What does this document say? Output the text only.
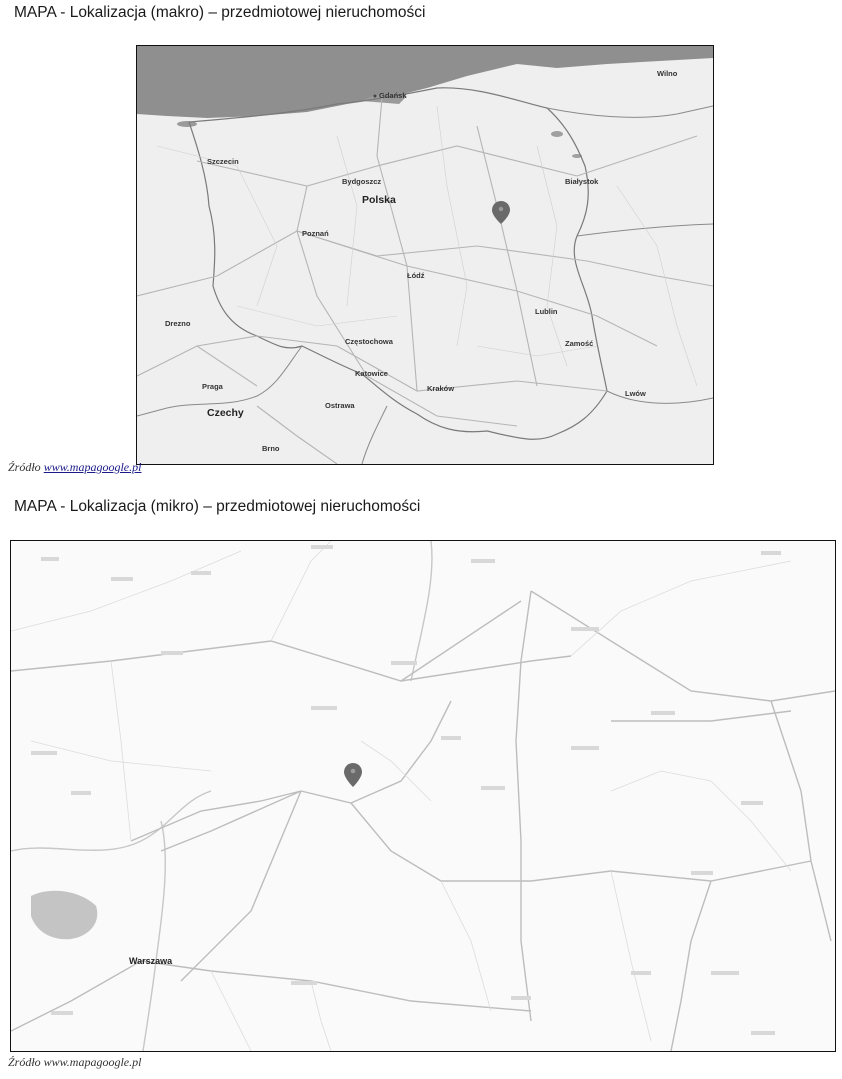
MAPA - Lokalizacja (makro) – przedmiotowej nieruchomości
Polska
Czechy
Gdańsk
Szczecin
Bydgoszcz
Poznań
Łódź
Lublin
Białystok
Kraków
Katowice
Częstochowa	Zamość
Praga
Drezno
Ostrawa
Brno
Lwów
Wilno
Źródło www.mapagoogle.pl
MAPA - Lokalizacja (mikro) – przedmiotowej nieruchomości
Warszawa
Źródło www.mapagoogle.pl
